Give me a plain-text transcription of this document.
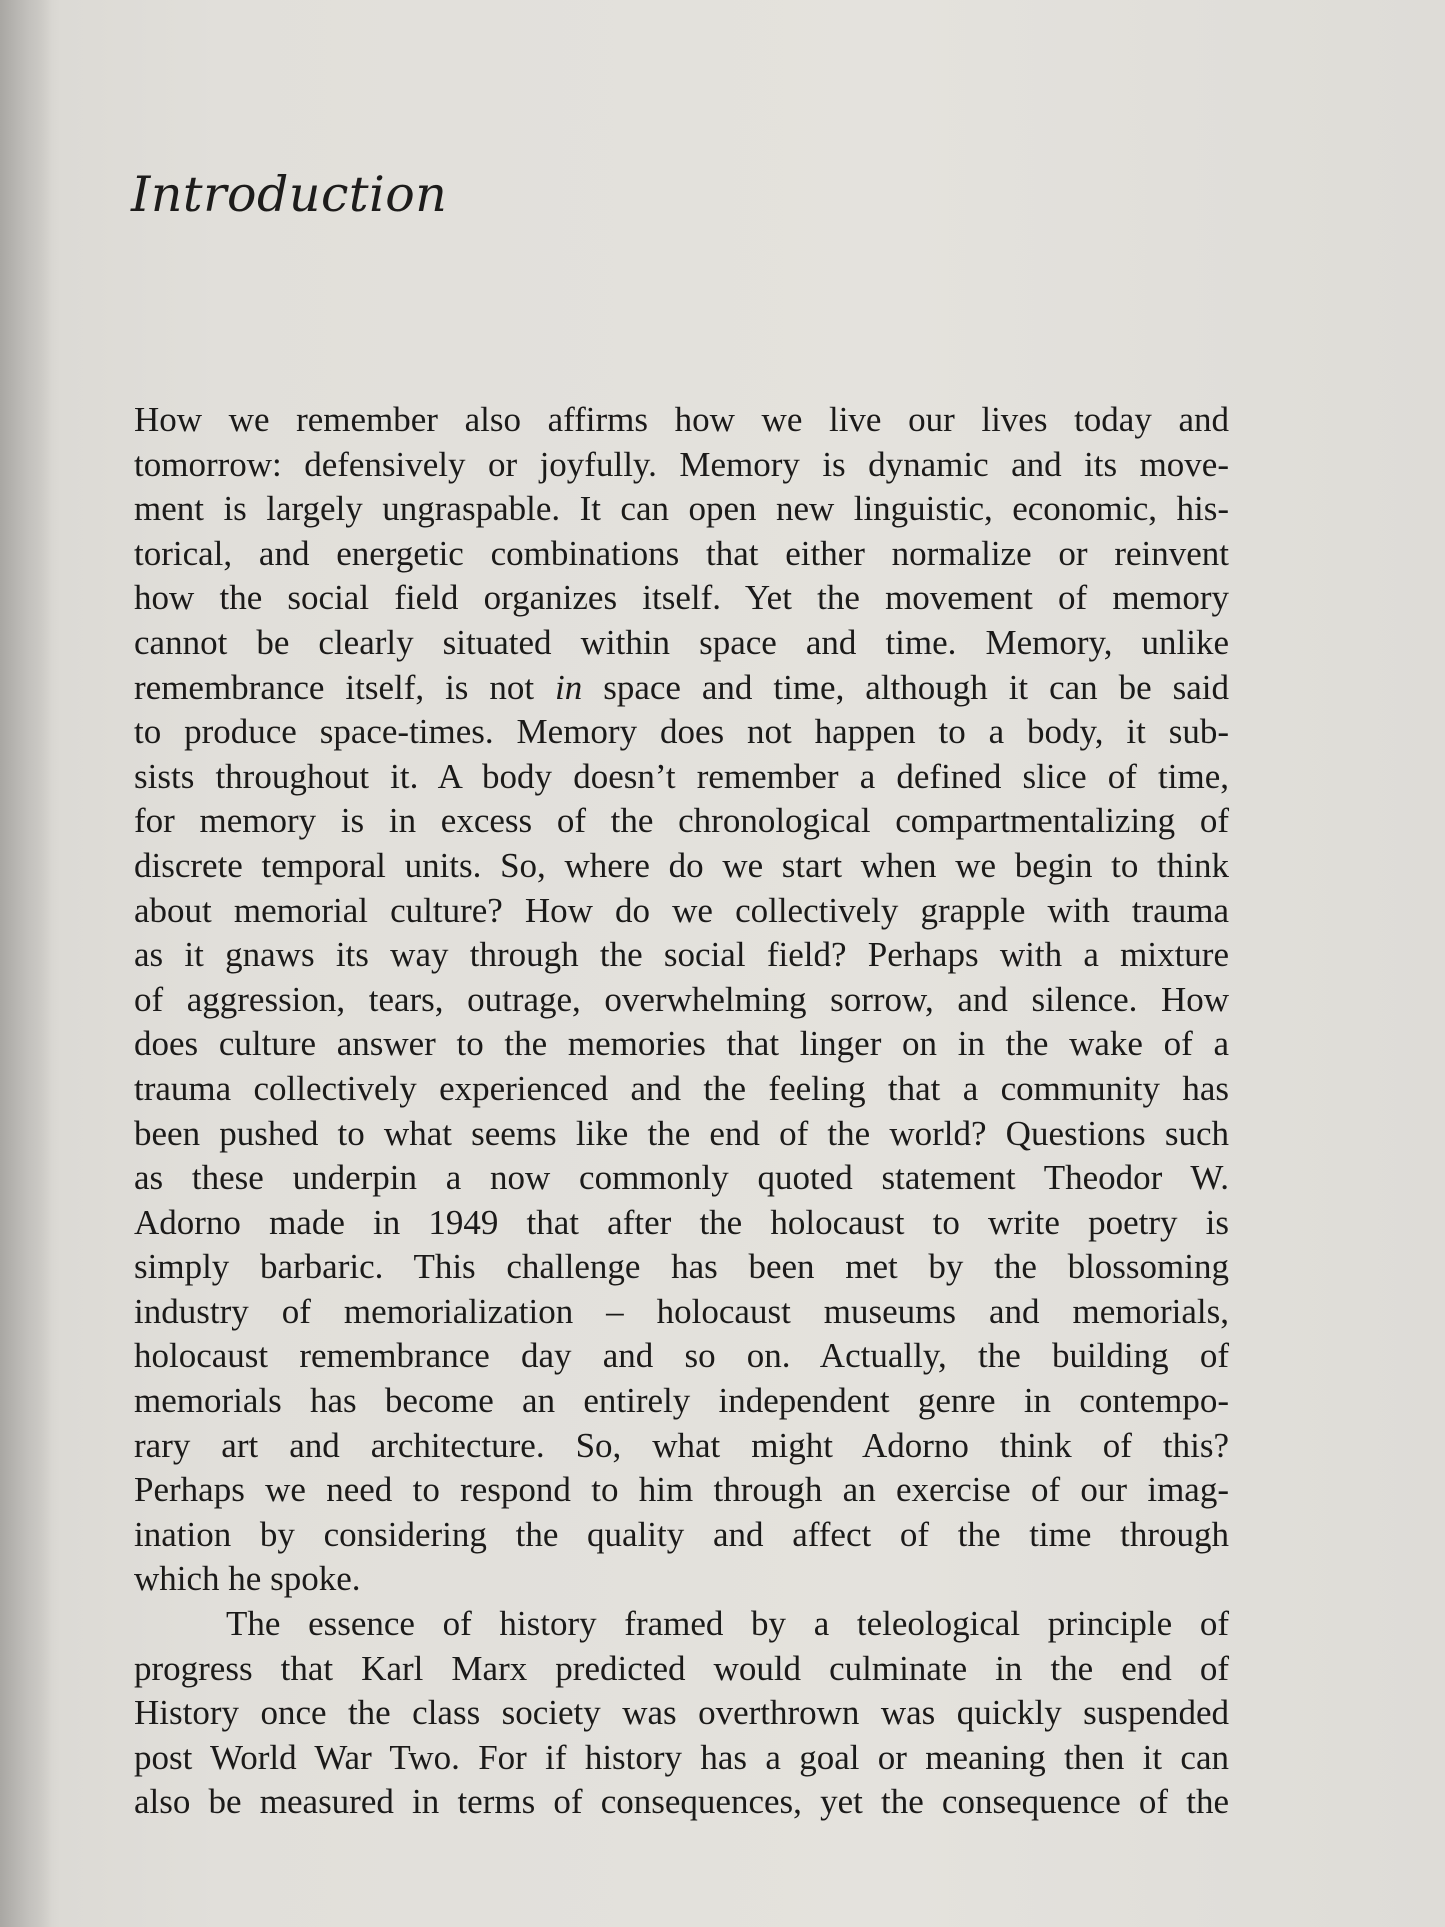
Introduction

How we remember also affirms how we live our lives today and
tomorrow: defensively or joyfully. Memory is dynamic and its move-
ment is largely ungraspable. It can open new linguistic, economic, his-
torical, and energetic combinations that either normalize or reinvent
how the social field organizes itself. Yet the movement of memory
cannot be clearly situated within space and time. Memory, unlike
remembrance itself, is not in space and time, although it can be said
to produce space-times. Memory does not happen to a body, it sub-
sists throughout it. A body doesn’t remember a defined slice of time,
for memory is in excess of the chronological compartmentalizing of
discrete temporal units. So, where do we start when we begin to think
about memorial culture? How do we collectively grapple with trauma
as it gnaws its way through the social field? Perhaps with a mixture
of aggression, tears, outrage, overwhelming sorrow, and silence. How
does culture answer to the memories that linger on in the wake of a
trauma collectively experienced and the feeling that a community has
been pushed to what seems like the end of the world? Questions such
as these underpin a now commonly quoted statement Theodor W.
Adorno made in 1949 that after the holocaust to write poetry is
simply barbaric. This challenge has been met by the blossoming
industry of memorialization – holocaust museums and memorials,
holocaust remembrance day and so on. Actually, the building of
memorials has become an entirely independent genre in contempo-
rary art and architecture. So, what might Adorno think of this?
Perhaps we need to respond to him through an exercise of our imag-
ination by considering the quality and affect of the time through
which he spoke.

The essence of history framed by a teleological principle of
progress that Karl Marx predicted would culminate in the end of
History once the class society was overthrown was quickly suspended
post World War Two. For if history has a goal or meaning then it can
also be measured in terms of consequences, yet the consequence of the
